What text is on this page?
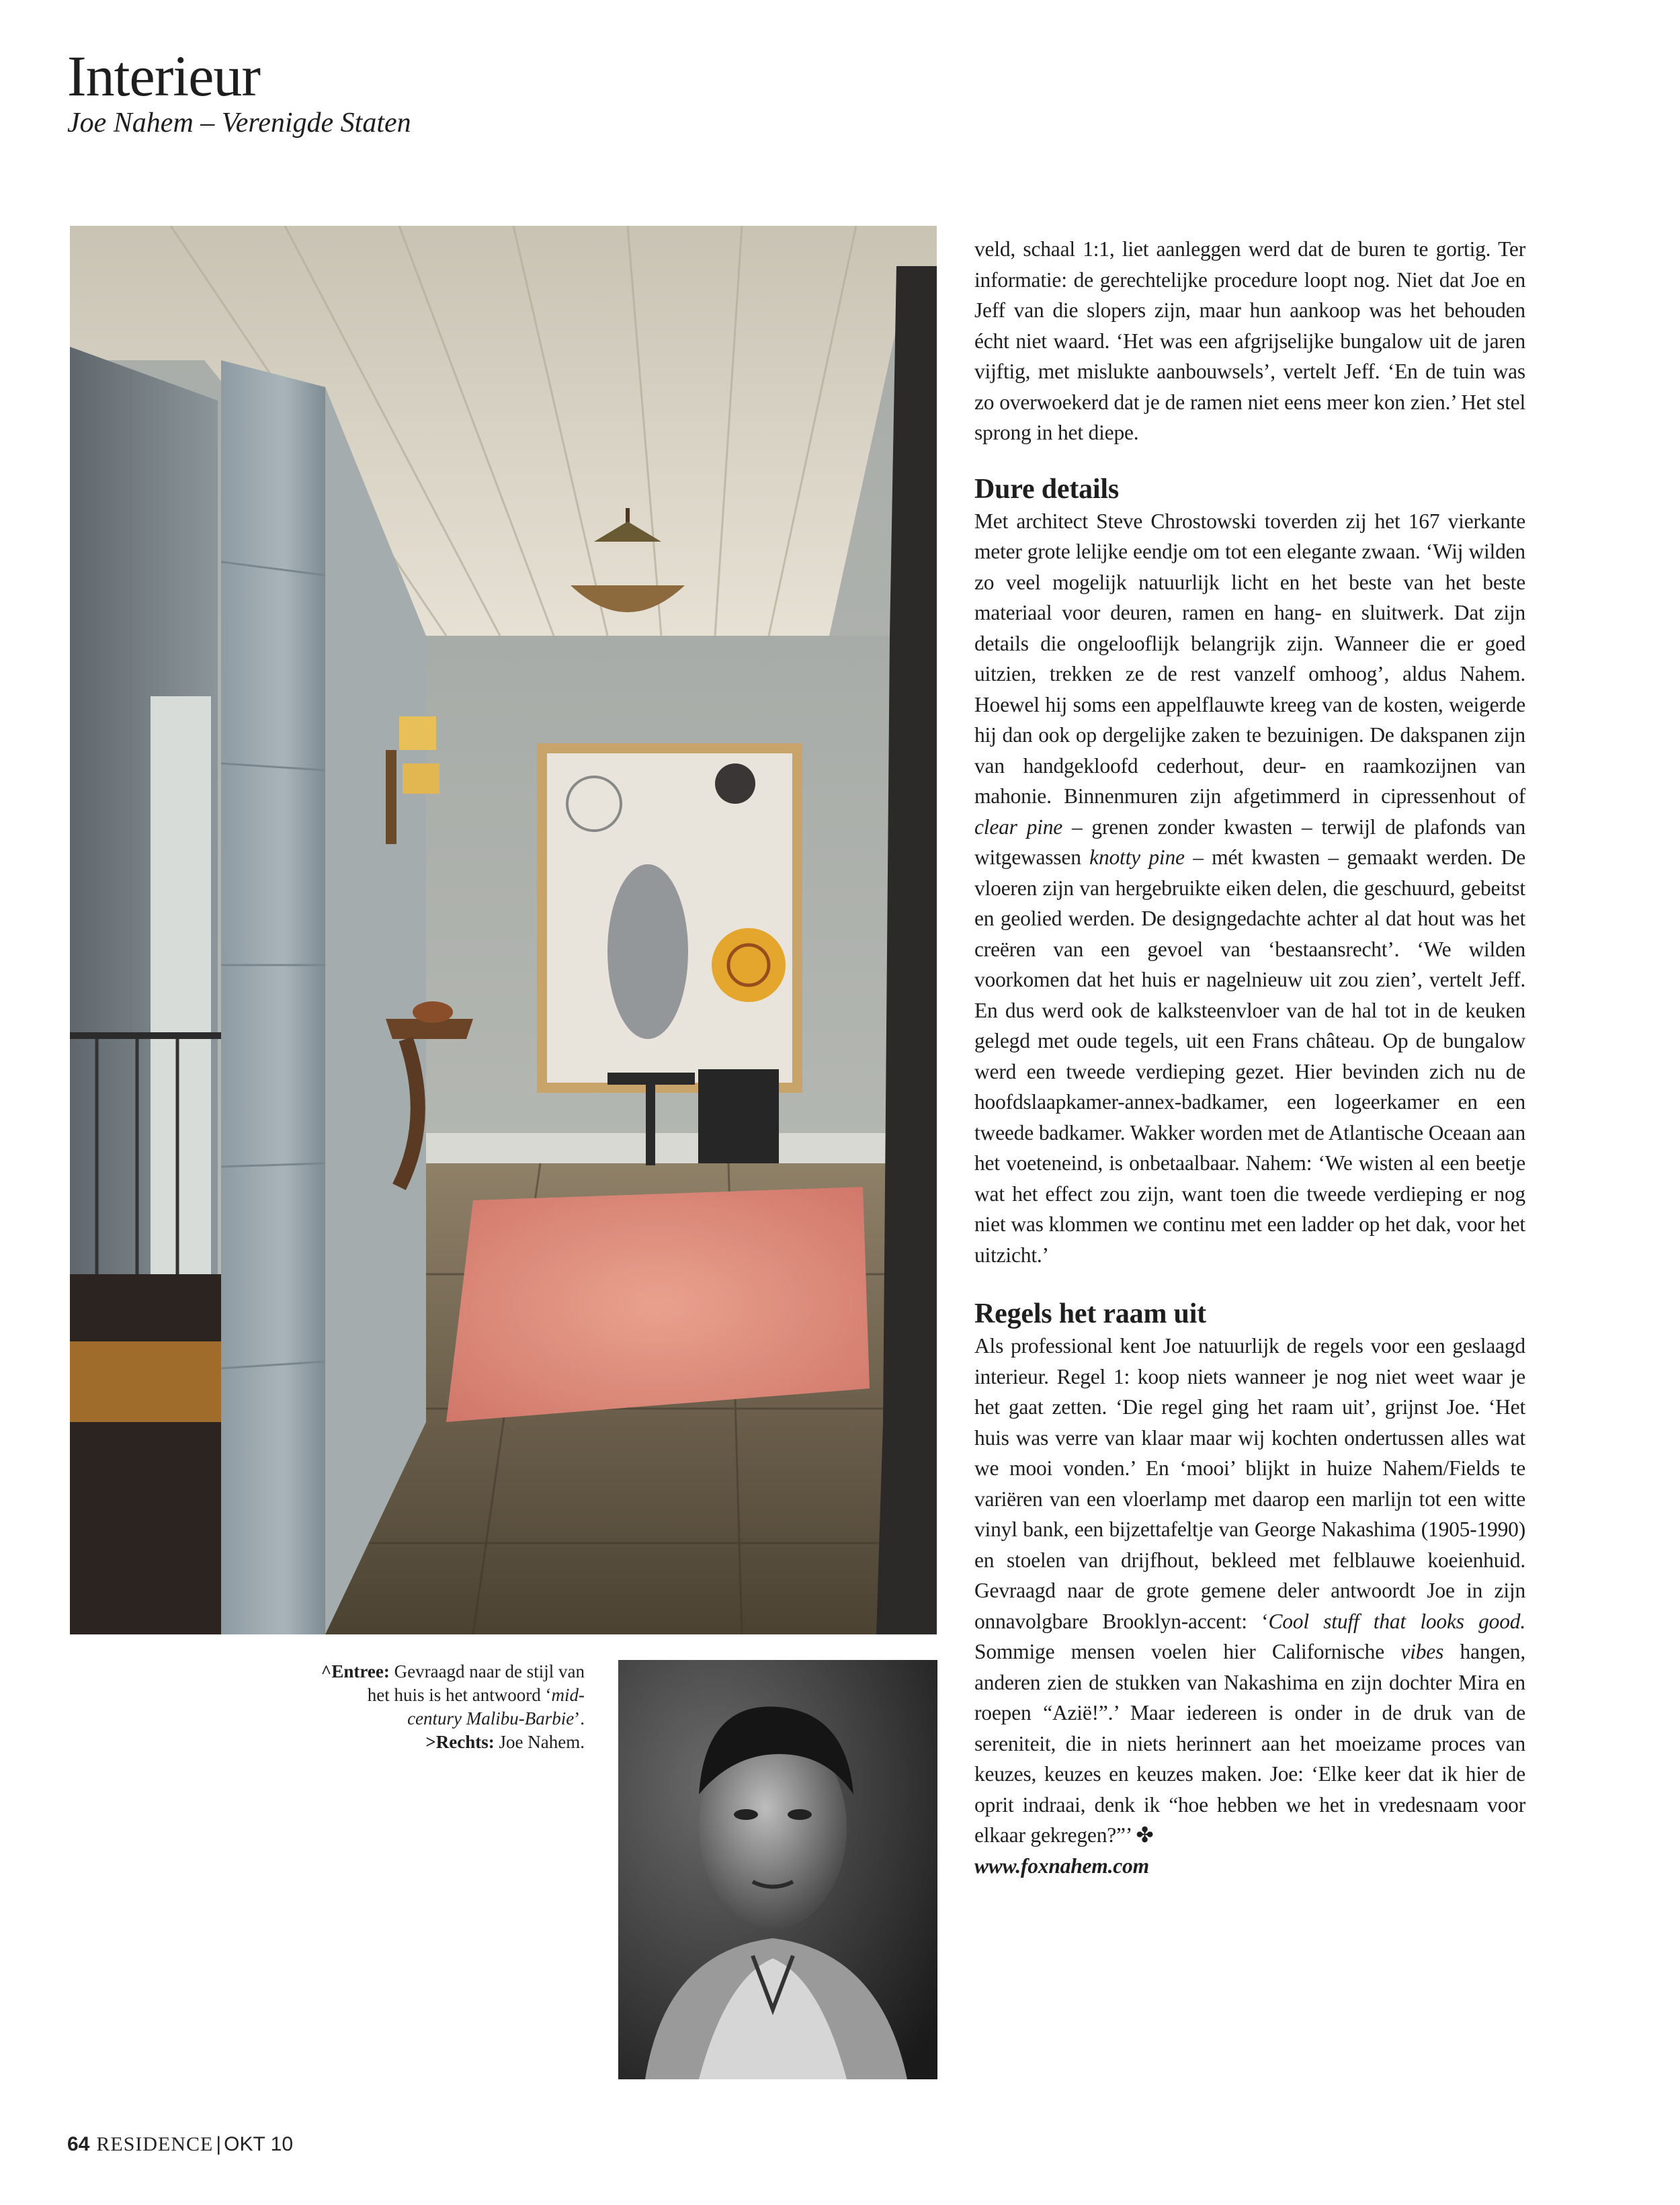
Interieur
Joe Nahem – Verenigde Staten
^ Entree: Gevraagd naar de stijl van het huis is het antwoord ‘mid-century Malibu-Barbie’.
> Rechts: Joe Nahem.

veld, schaal 1:1, liet aanleggen werd dat de buren te gortig. Ter informatie: de gerechtelijke procedure loopt nog. Niet dat Joe en Jeff van die slopers zijn, maar hun aankoop was het behouden écht niet waard. ‘Het was een afgrijselijke bungalow uit de jaren vijftig, met mislukte aanbouwsels’, vertelt Jeff. ‘En de tuin was zo overwoekerd dat je de ramen niet eens meer kon zien.’ Het stel sprong in het diepe.

Dure details

Met architect Steve Chrostowski toverden zij het 167 vierkante meter grote lelijke eendje om tot een elegante zwaan. ‘Wij wilden zo veel mogelijk natuurlijk licht en het beste van het beste materiaal voor deuren, ramen en hang- en sluitwerk. Dat zijn details die ongelooflijk belangrijk zijn. Wanneer die er goed uitzien, trekken ze de rest vanzelf omhoog’, aldus Nahem. Hoewel hij soms een appelflauwte kreeg van de kosten, weigerde hij dan ook op dergelijke zaken te bezuinigen. De dakspanen zijn van handgekloofd cederhout, deur- en raamkozijnen van mahonie. Binnenmuren zijn afgetimmerd in cipressenhout of clear pine – grenen zonder kwasten – terwijl de plafonds van witgewassen knotty pine – mét kwasten – gemaakt werden. De vloeren zijn van hergebruikte eiken delen, die geschuurd, gebeitst en geolied werden. De designgedachte achter al dat hout was het creëren van een gevoel van ‘bestaansrecht’. ‘We wilden voorkomen dat het huis er nagelnieuw uit zou zien’, vertelt Jeff. En dus werd ook de kalksteenvloer van de hal tot in de keuken gelegd met oude tegels, uit een Frans château. Op de bungalow werd een tweede verdieping gezet. Hier bevinden zich nu de hoofdslaapkamer-annex-badkamer, een logeerkamer en een tweede badkamer. Wakker worden met de Atlantische Oceaan aan het voeteneind, is onbetaalbaar. Nahem: ‘We wisten al een beetje wat het effect zou zijn, want toen die tweede verdieping er nog niet was klommen we continu met een ladder op het dak, voor het uitzicht.’

Regels het raam uit

Als professional kent Joe natuurlijk de regels voor een geslaagd interieur. Regel 1: koop niets wanneer je nog niet weet waar je het gaat zetten. ‘Die regel ging het raam uit’, grijnst Joe. ‘Het huis was verre van klaar maar wij kochten ondertussen alles wat we mooi vonden.’ En ‘mooi’ blijkt in huize Nahem/Fields te variëren van een vloerlamp met daarop een marlijn tot een witte vinyl bank, een bijzettafeltje van George Nakashima (1905-1990) en stoelen van drijfhout, bekleed met felblauwe koeienhuid. Gevraagd naar de grote gemene deler antwoordt Joe in zijn onnavolgbare Brooklyn-accent: ‘Cool stuff that looks good. Sommige mensen voelen hier Californische vibes hangen, anderen zien de stukken van Nakashima en zijn dochter Mira en roepen “Azië!”.’ Maar iedereen is onder in de druk van de sereniteit, die in niets herinnert aan het moeizame proces van keuzes, keuzes en keuzes maken. Joe: ‘Elke keer dat ik hier de oprit indraai, denk ik “hoe hebben we het in vredesnaam voor elkaar gekregen?”’ ✤

www.foxnahem.com
64 RESIDENCE | OKT 10
